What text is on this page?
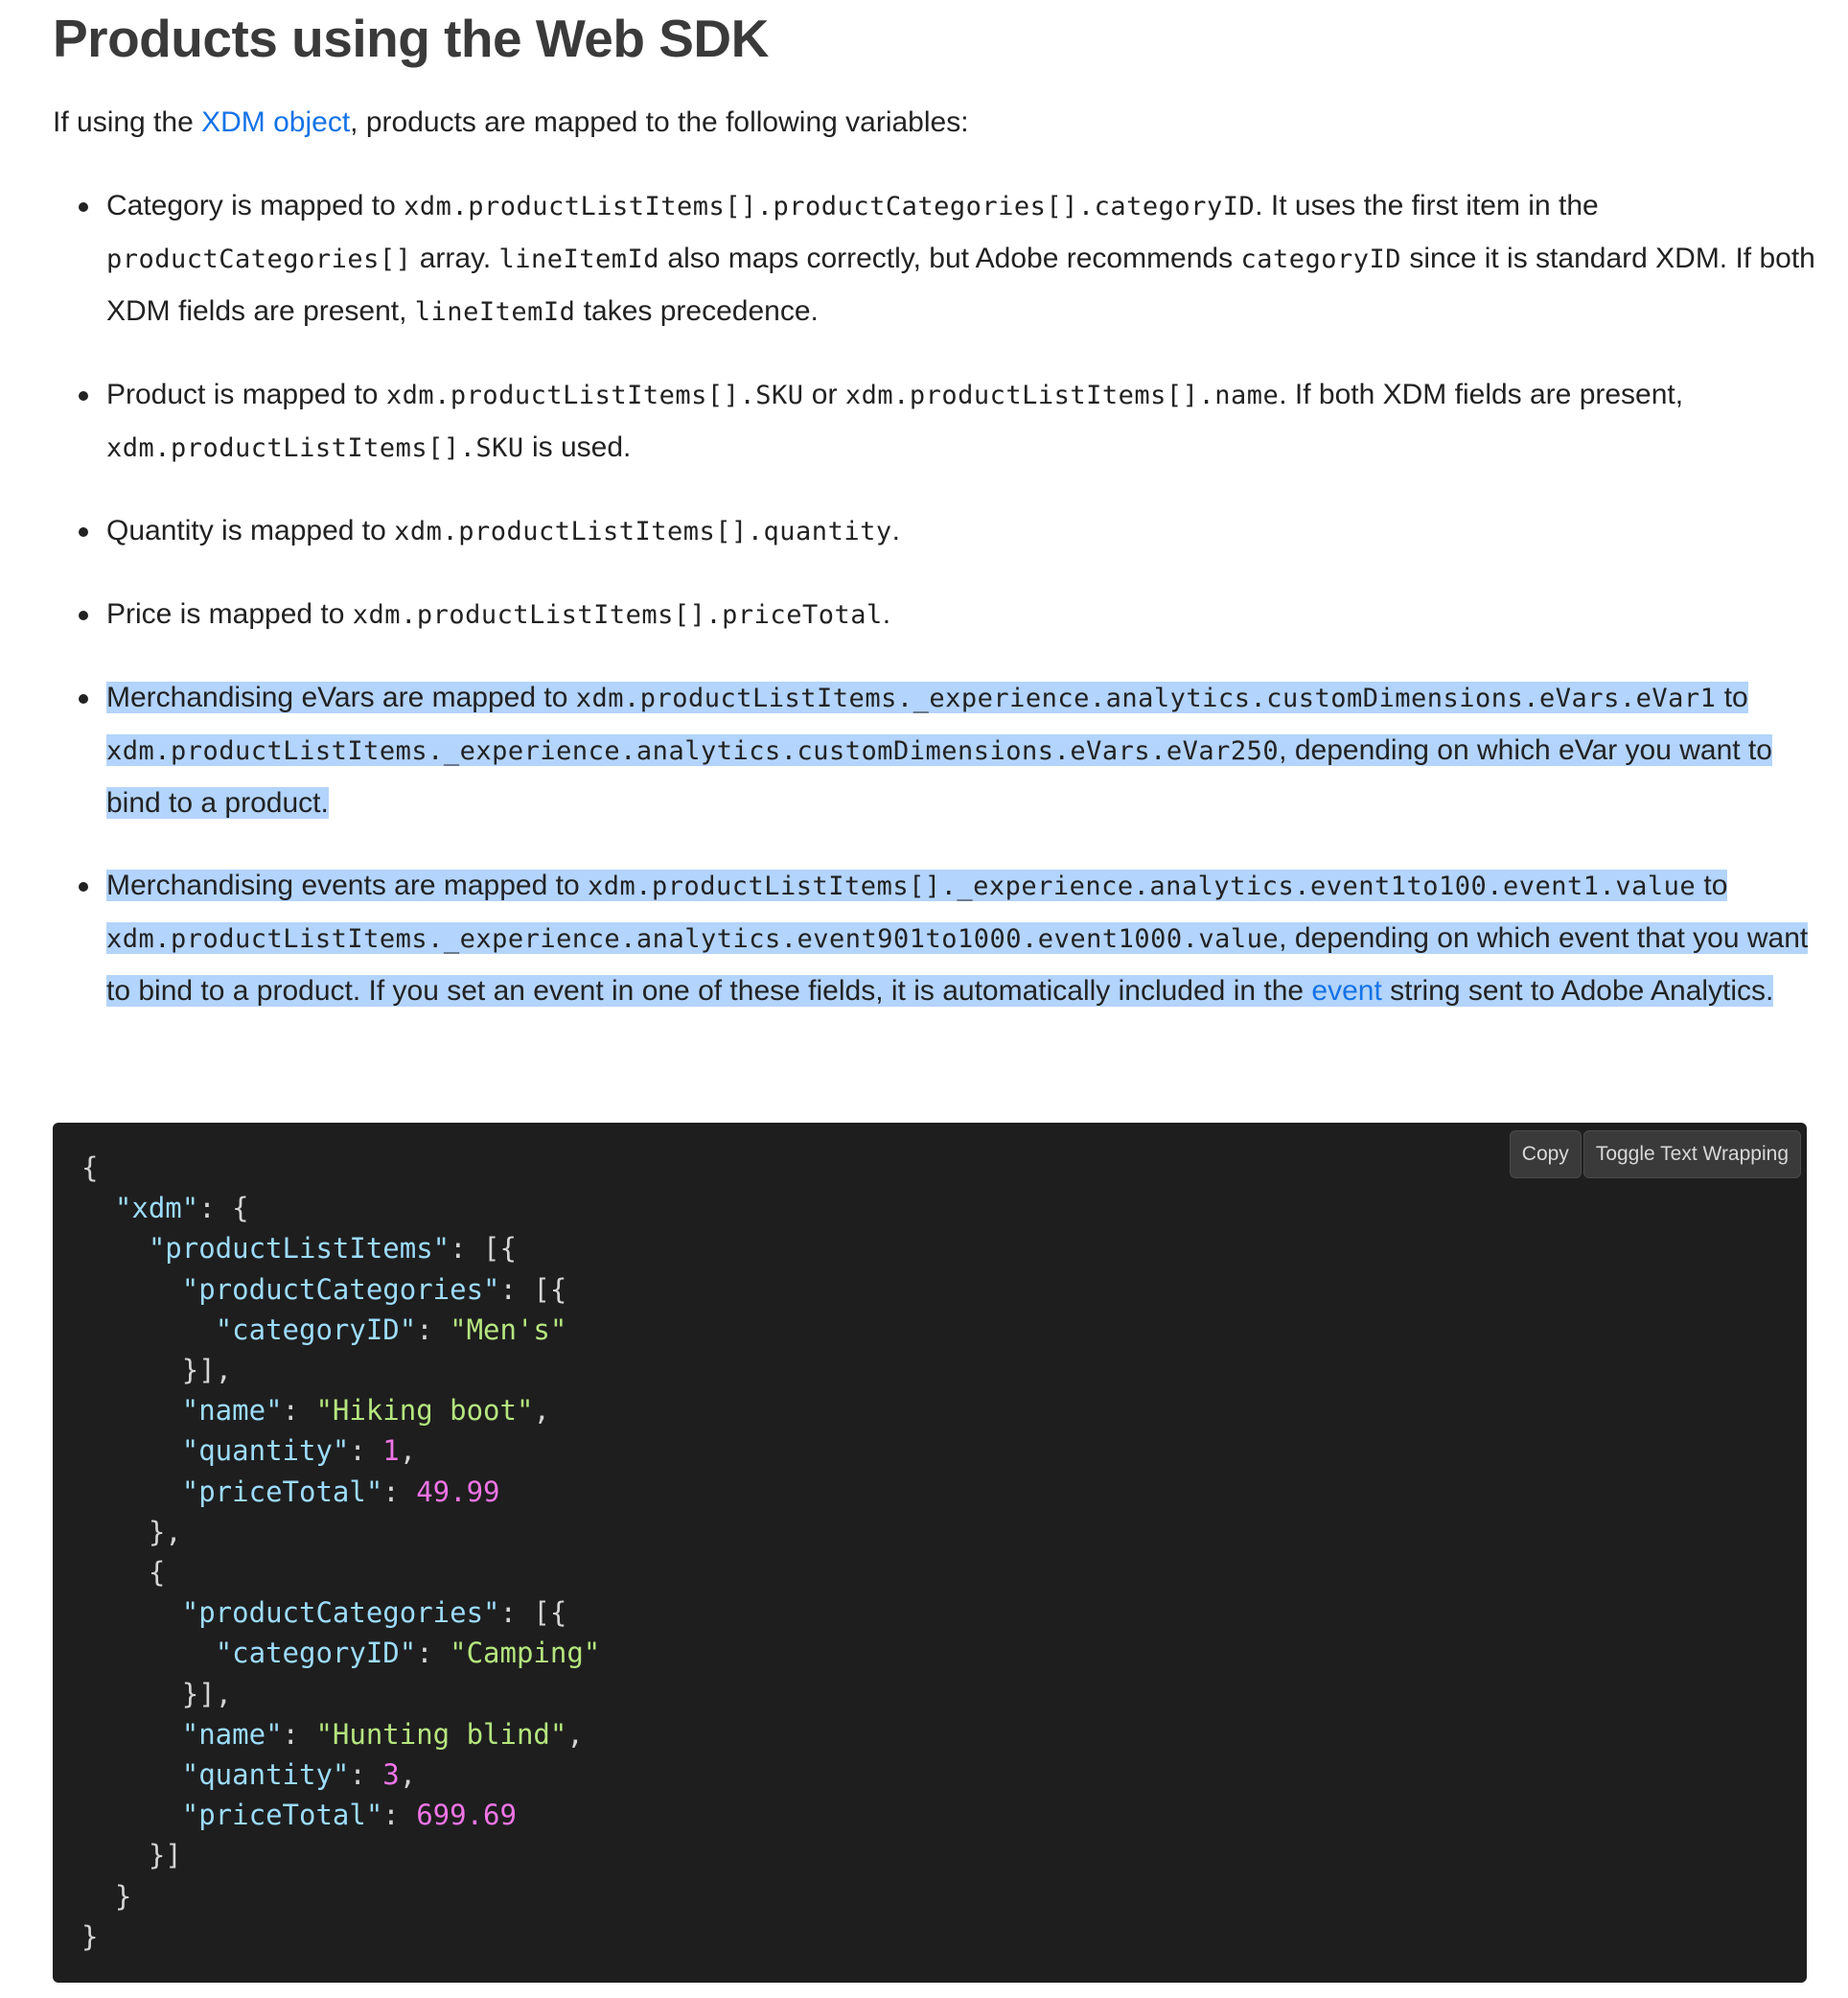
Products using the Web SDK
If using the XDM object, products are mapped to the following variables:
Category is mapped to xdm.productListItems[].productCategories[].categoryID. It uses the first item in the productCategories[] array. lineItemId also maps correctly, but Adobe recommends categoryID since it is standard XDM. If both XDM fields are present, lineItemId takes precedence.
Product is mapped to xdm.productListItems[].SKU or xdm.productListItems[].name. If both XDM fields are present, xdm.productListItems[].SKU is used.
Quantity is mapped to xdm.productListItems[].quantity.
Price is mapped to xdm.productListItems[].priceTotal.
Merchandising eVars are mapped to xdm.productListItems._experience.analytics.customDimensions.eVars.eVar1 to xdm.productListItems._experience.analytics.customDimensions.eVars.eVar250, depending on which eVar you want to bind to a product.
Merchandising events are mapped to xdm.productListItems[]._experience.analytics.event1to100.event1.value to xdm.productListItems._experience.analytics.event901to1000.event1000.value, depending on which event that you want to bind to a product. If you set an event in one of these fields, it is automatically included in the event string sent to Adobe Analytics.
Copy	Toggle Text Wrapping
{
"xdm": {
"productListItems": [{
"productCategories": [{
"categoryID": "Men's"
}],
"name": "Hiking boot",
"quantity": 1,
"priceTotal": 49.99
},
{
"productCategories": [{
"categoryID": "Camping"
}],
"name": "Hunting blind",
"quantity": 3,
"priceTotal": 699.69
}]
}
}
